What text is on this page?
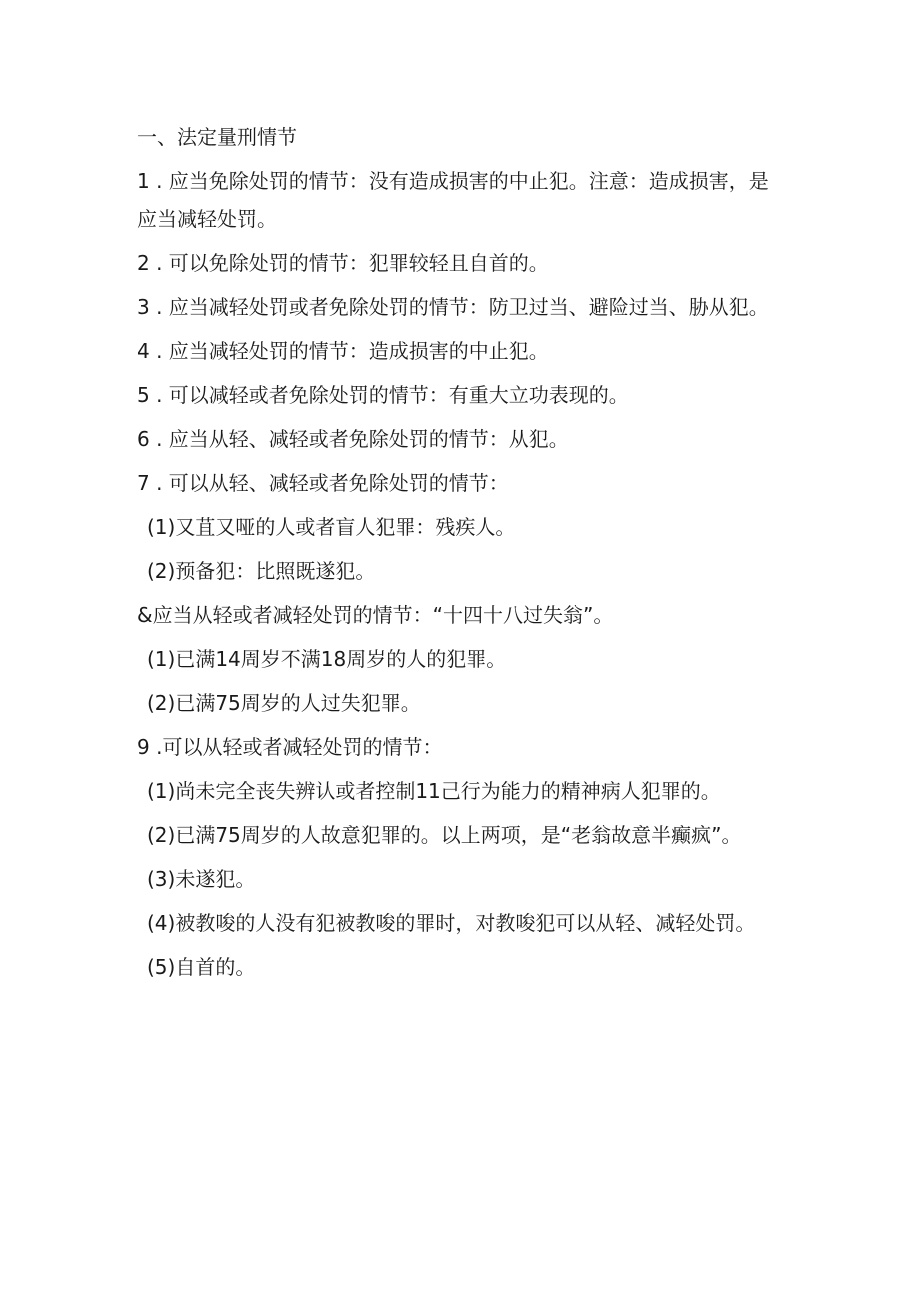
一、法定量刑情节

1 . 应当免除处罚的情节：没有造成损害的中止犯。注意：造成损害，是应当减轻处罚。

2 . 可以免除处罚的情节：犯罪较轻且自首的。

3 . 应当减轻处罚或者免除处罚的情节：防卫过当、避险过当、胁从犯。

4 . 应当减轻处罚的情节：造成损害的中止犯。

5 . 可以减轻或者免除处罚的情节：有重大立功表现的。

6 . 应当从轻、减轻或者免除处罚的情节：从犯。

7 . 可以从轻、减轻或者免除处罚的情节：

(1)又苴又哑的人或者盲人犯罪：残疾人。

(2)预备犯：比照既遂犯。

&应当从轻或者减轻处罚的情节：“十四十八过失翁”。

(1)已满14周岁不满18周岁的人的犯罪。

(2)已满75周岁的人过失犯罪。

9 .可以从轻或者减轻处罚的情节：

(1)尚未完全丧失辨认或者控制11己行为能力的精神病人犯罪的。

(2)已满75周岁的人故意犯罪的。以上两项，是“老翁故意半癫疯”。

(3)未遂犯。

(4)被教唆的人没有犯被教唆的罪时，对教唆犯可以从轻、减轻处罚。

(5)自首的。
